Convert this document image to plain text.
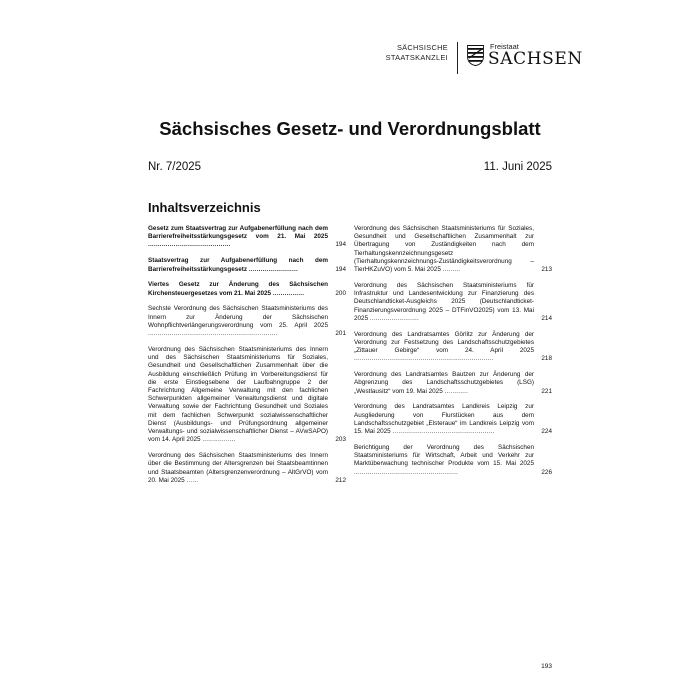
SÄCHSISCHE
STAATSKANZLEI
Freistaat
SACHSEN
Sächsisches Gesetz- und Verordnungsblatt
Nr. 7/2025	11. Juni 2025
Inhaltsverzeichnis
Gesetz zum Staatsvertrag zur Aufgabenerfüllung nach dem Barrierefreiheitsstärkungsgesetz vom 21. Mai 2025 ..........................................	194
Staatsvertrag zur Aufgabenerfüllung nach dem Barrierefreiheitsstärkungsgesetz .........................	194
Viertes Gesetz zur Änderung des Sächsischen Kirchensteuergesetzes vom 21. Mai 2025 ................	200
Sechste Verordnung des Sächsischen Staatsministeriums des Innern zur Änderung der Sächsischen Wohnpflichtverlängerungsverordnung vom 25. April 2025 ..................................................................	201
Verordnung des Sächsischen Staatsministeriums des Innern und des Sächsischen Staatsministeriums für Soziales, Gesundheit und Gesellschaftlichen Zusammenhalt über die Ausbildung einschließlich Prüfung im Vorbereitungsdienst für die erste Einstiegsebene der Laufbahngruppe 2 der Fachrichtung Allgemeine Verwaltung mit den fachlichen Schwerpunkten allgemeiner Verwaltungsdienst und digitale Verwaltung sowie der Fachrichtung Gesundheit und Soziales mit dem fachlichen Schwerpunkt sozialwissenschaftlicher Dienst (Ausbildungs- und Prüfungsordnung allgemeiner Verwaltungs- und sozialwissenschaftlicher Dienst – AVwSAPO) vom 14. April 2025 .................	203
Verordnung des Sächsischen Staatsministeriums des Innern über die Bestimmung der Altersgrenzen bei Staatsbeamtinnen und Staatsbeamten (Altersgrenzenverordnung – AltGrVO) vom 20. Mai 2025 ......	212
Verordnung des Sächsischen Staatsministeriums für Soziales, Gesundheit und Gesellschaftlichen Zusammenhalt zur Übertragung von Zuständigkeiten nach dem Tierhaltungskennzeichnungsgesetz (Tierhaltungskennzeichnungs-Zuständigkeitsverordnung – TierHKZuVO) vom 5. Mai 2025 .........	213
Verordnung des Sächsischen Staatsministeriums für Infrastruktur und Landesentwicklung zur Finanzierung des Deutschlandticket-Ausgleichs 2025 (Deutschlandticket-Finanzierungsverordnung 2025 – DTFinVO2025) vom 13. Mai 2025 .........................	214
Verordnung des Landratsamtes Görlitz zur Änderung der Verordnung zur Festsetzung des Landschaftsschutzgebietes „Zittauer Gebirge“ vom 24. April 2025 .......................................................................	218
Verordnung des Landratsamtes Bautzen zur Änderung der Abgrenzung des Landschaftsschutzgebietes (LSG) „Westlausitz“ vom 19. Mai 2025 ............	221
Verordnung des Landratsamtes Landkreis Leipzig zur Ausgliederung von Flurstücken aus dem Landschaftsschutzgebiet „Elsteraue“ im Landkreis Leipzig vom 15. Mai 2025 ....................................................	224
Berichtigung der Verordnung des Sächsischen Staatsministeriums für Wirtschaft, Arbeit und Verkehr zur Marktüberwachung technischer Produkte vom 15. Mai 2025 .....................................................	226
193
